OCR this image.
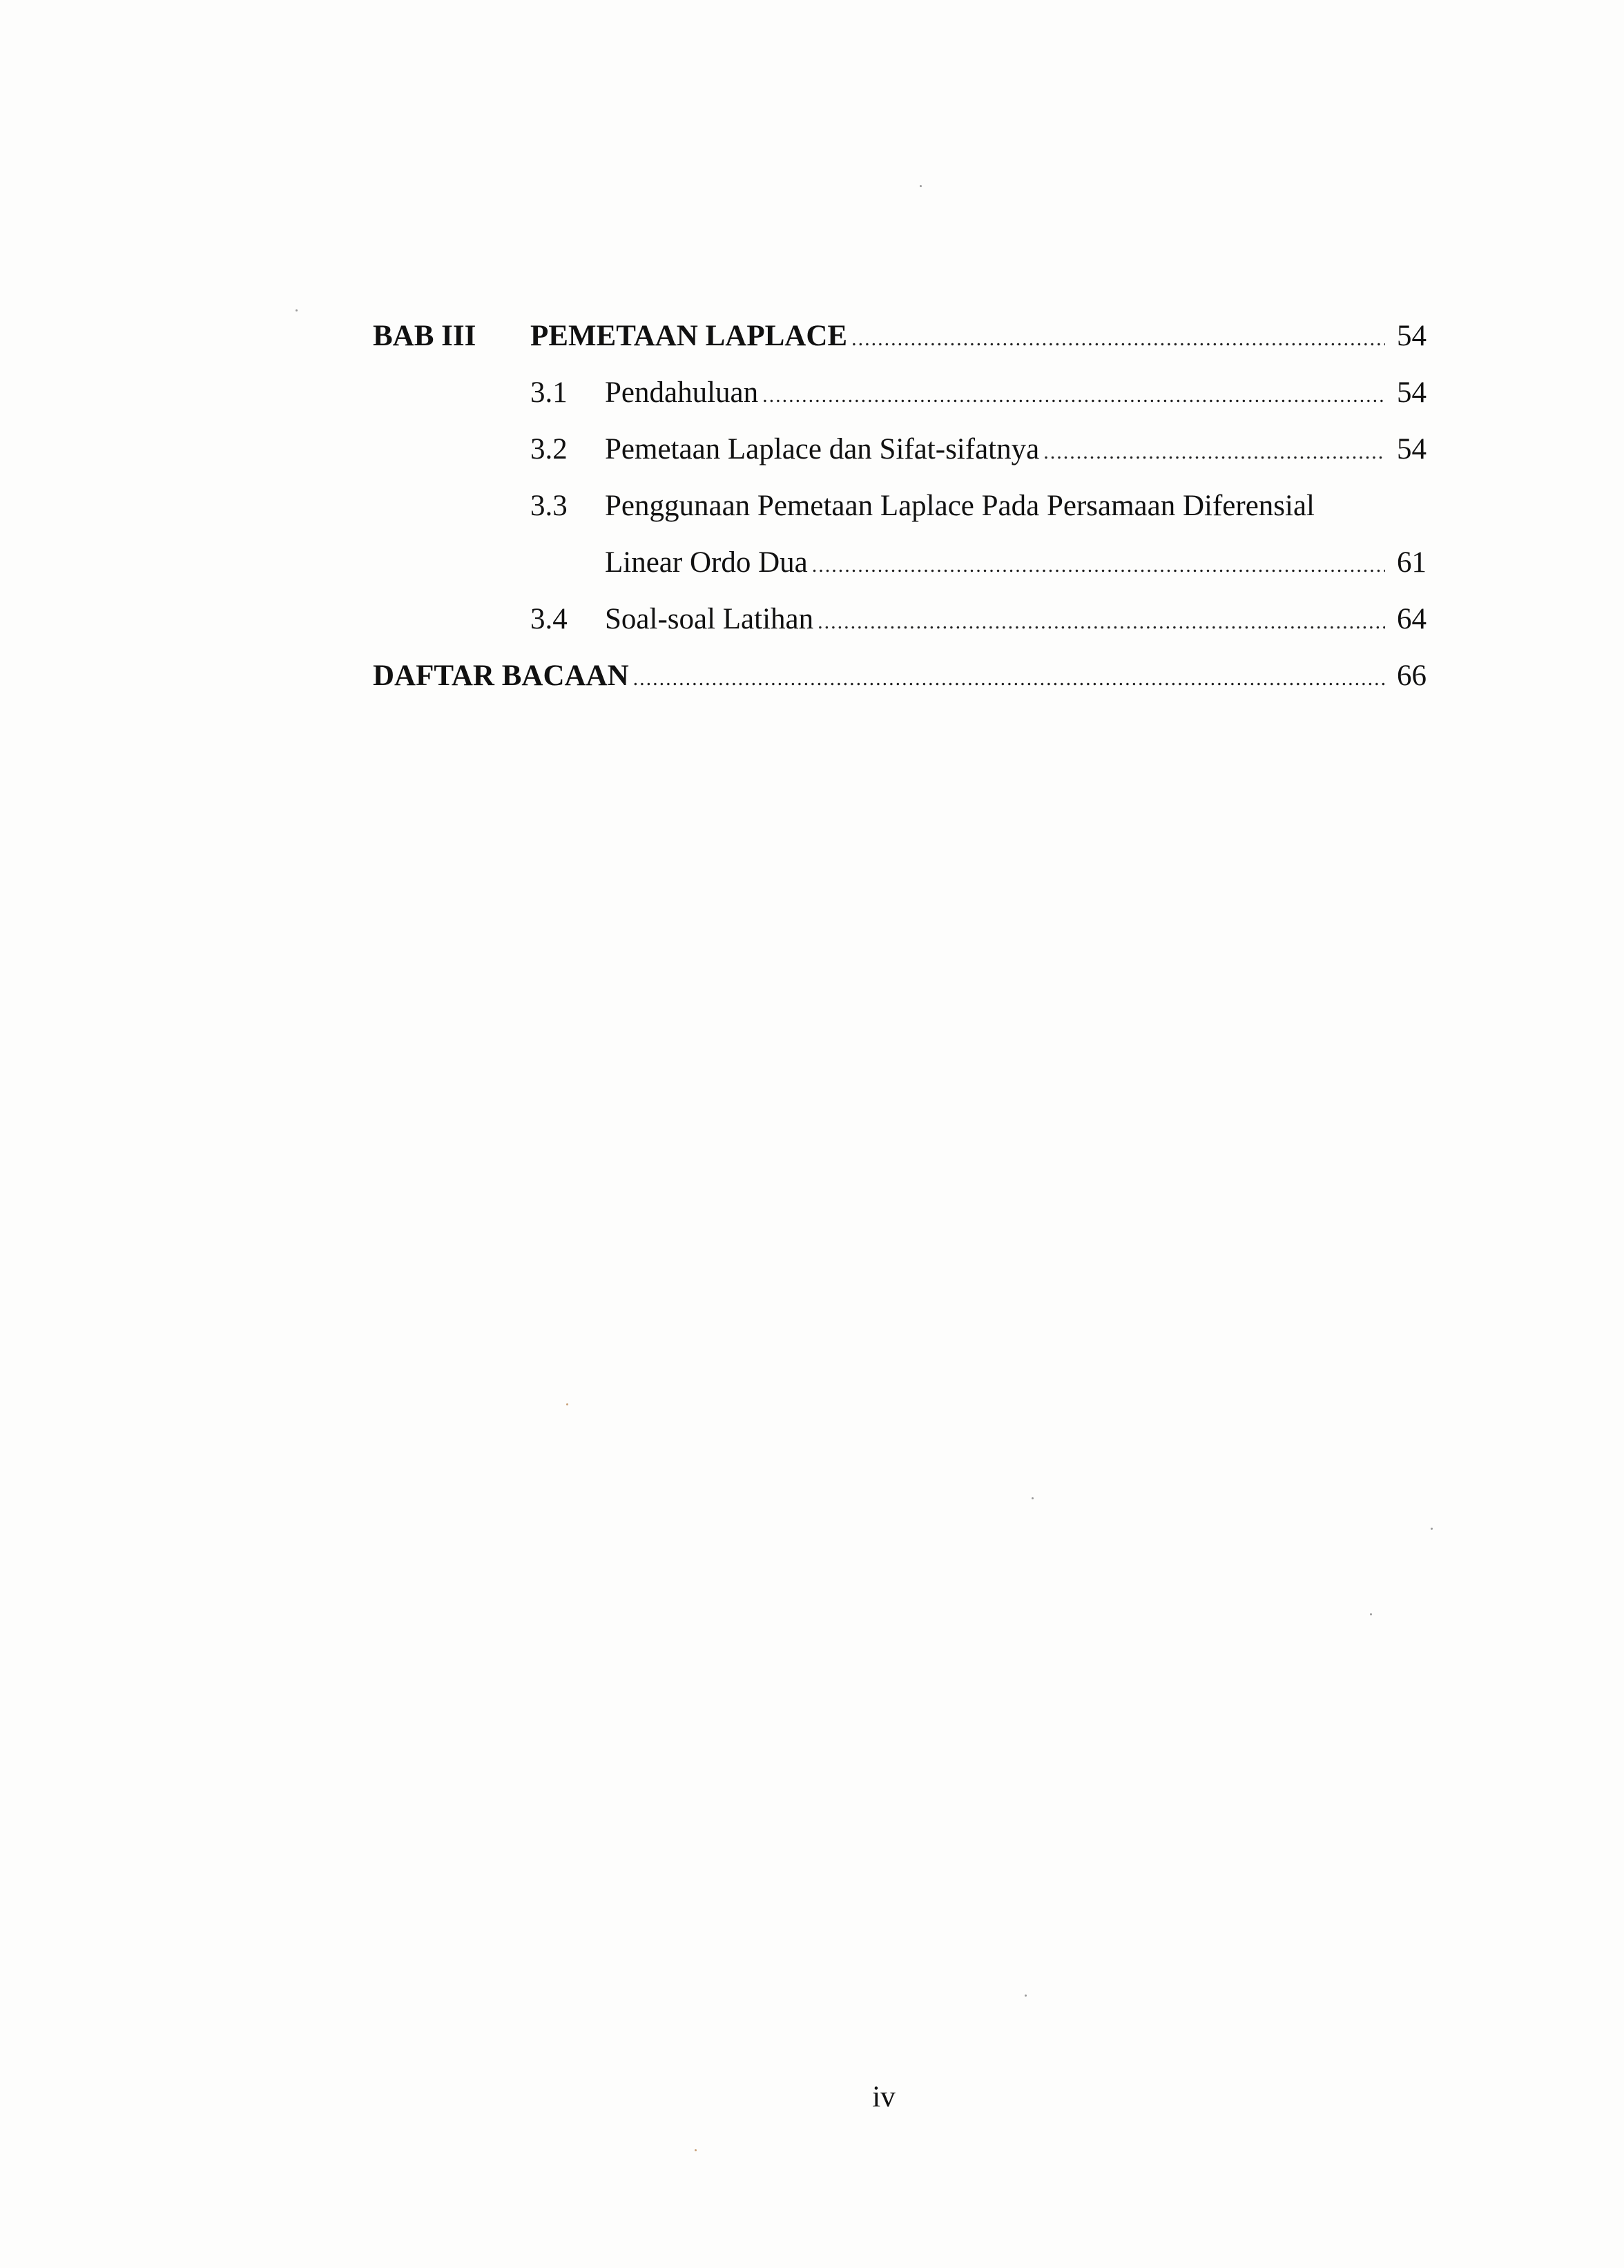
BAB III	PEMETAAN LAPLACE .....	54
3.1 Pendahuluan .....	54
3.2 Pemetaan Laplace dan Sifat-sifatnya .....	54
3.3 Penggunaan Pemetaan Laplace Pada Persamaan Diferensial
Linear Ordo Dua .....	61
3.4 Soal-soal Latihan .....	64
DAFTAR BACAAN .....	66
iv
